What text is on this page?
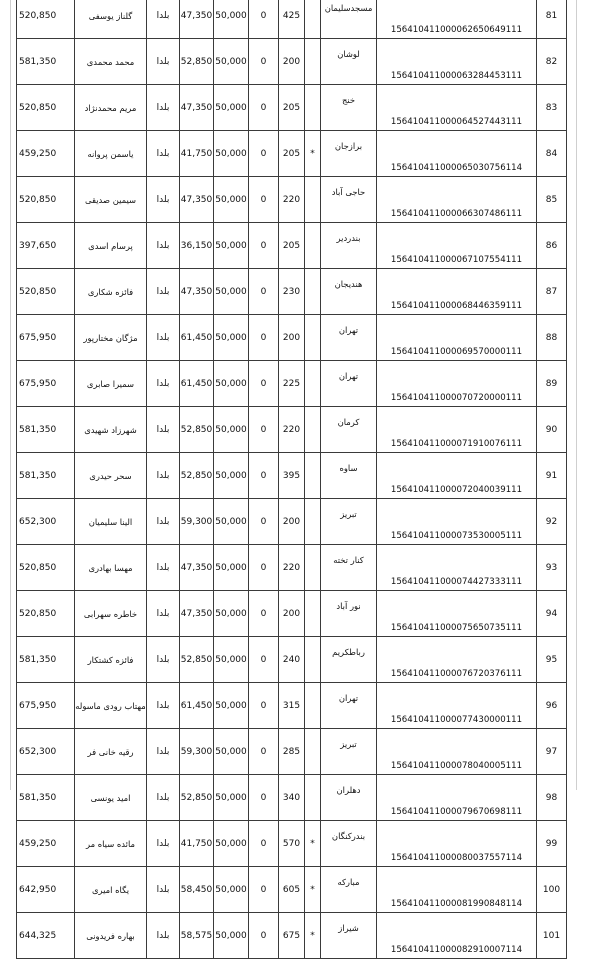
520,850	گلناز یوسفی	بلدا	47,350	50,000	0	425		مسجدسلیمان	156410411000062650649111	81
581,350	محمد محمدی	بلدا	52,850	50,000	0	200		لوشان	156410411000063284453111	82
520,850	مریم محمدنژاد	بلدا	47,350	50,000	0	205		خنج	156410411000064527443111	83
459,250	یاسمن پروانه	بلدا	41,750	50,000	0	205	*	برازجان	156410411000065030756114	84
520,850	سیمین صدیقی	بلدا	47,350	50,000	0	220		حاجی آباد	156410411000066307486111	85
397,650	پرسام اسدی	بلدا	36,150	50,000	0	205		بندردیر	156410411000067107554111	86
520,850	فائزه شکاری	بلدا	47,350	50,000	0	230		هندیجان	156410411000068446359111	87
675,950	مژگان مختارپور	بلدا	61,450	50,000	0	200		تهران	156410411000069570000111	88
675,950	سمیرا صابری	بلدا	61,450	50,000	0	225		تهران	156410411000070720000111	89
581,350	شهرزاد شهیدی	بلدا	52,850	50,000	0	220		کرمان	156410411000071910076111	90
581,350	سحر حیدری	بلدا	52,850	50,000	0	395		ساوه	156410411000072040039111	91
652,300	الینا سلیمیان	بلدا	59,300	50,000	0	200		تبریز	156410411000073530005111	92
520,850	مهسا بهادری	بلدا	47,350	50,000	0	220		کنار تخته	156410411000074427333111	93
520,850	خاطره سهرابی	بلدا	47,350	50,000	0	200		نور آباد	156410411000075650735111	94
581,350	فائزه کشتکار	بلدا	52,850	50,000	0	240		رباطکریم	156410411000076720376111	95
675,950	مهتاب رودی ماسوله	بلدا	61,450	50,000	0	315		تهران	156410411000077430000111	96
652,300	رقیه خانی فر	بلدا	59,300	50,000	0	285		تبریز	156410411000078040005111	97
581,350	امید یونسی	بلدا	52,850	50,000	0	340		دهلران	156410411000079670698111	98
459,250	مائده سیاه مر	بلدا	41,750	50,000	0	570	*	بندرکنگان	156410411000080037557114	99
642,950	یگاه امیری	بلدا	58,450	50,000	0	605	*	مبارکه	156410411000081990848114	100
644,325	بهاره فریدونی	بلدا	58,575	50,000	0	675	*	شیراز	156410411000082910007114	101
